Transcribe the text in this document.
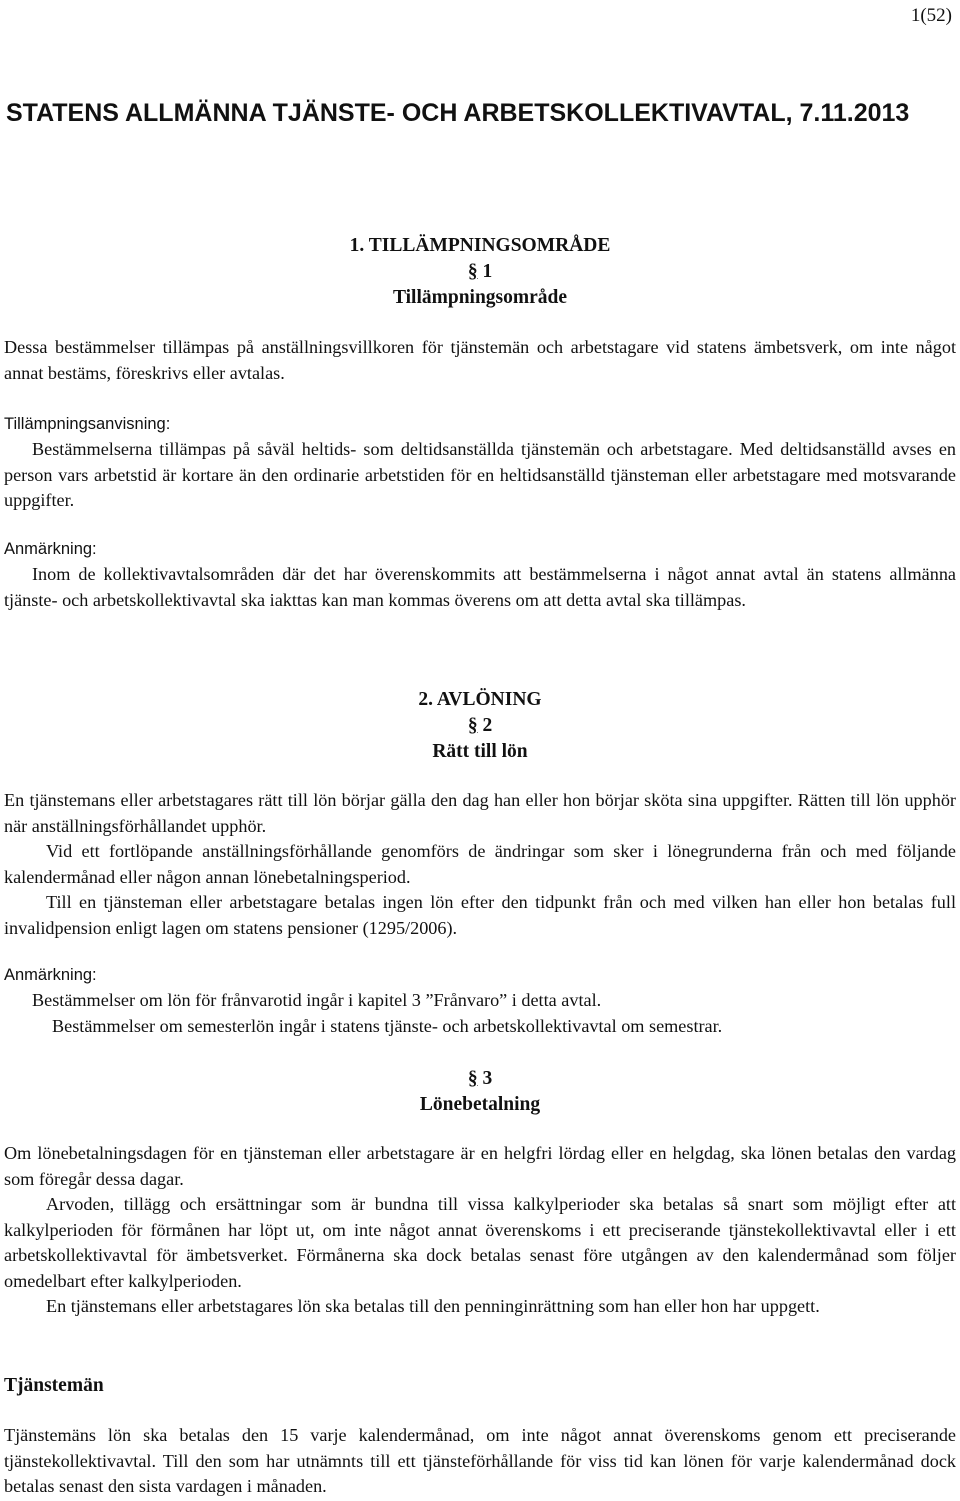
1(52)
STATENS ALLMÄNNA TJÄNSTE- OCH ARBETSKOLLEKTIVAVTAL, 7.11.2013
1. TILLÄMPNINGSOMRÅDE
§ 1
Tillämpningsområde

Dessa bestämmelser tillämpas på anställningsvillkoren för tjänstemän och arbetstagare vid statens ämbetsverk, om inte något annat bestäms, föreskrivs eller avtalas.

Tillämpningsanvisning:

Bestämmelserna tillämpas på såväl heltids- som deltidsanställda tjänstemän och arbetstagare. Med deltidsanställd avses en person vars arbetstid är kortare än den ordinarie arbetstiden för en heltidsanställd tjänsteman eller arbetstagare med motsvarande uppgifter.

Anmärkning:

Inom de kollektivavtalsområden där det har överenskommits att bestämmelserna i något annat avtal än statens allmänna tjänste- och arbetskollektivavtal ska iakttas kan man kommas överens om att detta avtal ska tillämpas.

2. AVLÖNING
§ 2
Rätt till lön

En tjänstemans eller arbetstagares rätt till lön börjar gälla den dag han eller hon börjar sköta sina uppgifter. Rätten till lön upphör när anställningsförhållandet upphör.

Vid ett fortlöpande anställningsförhållande genomförs de ändringar som sker i lönegrunderna från och med följande kalendermånad eller någon annan lönebetalningsperiod.

Till en tjänsteman eller arbetstagare betalas ingen lön efter den tidpunkt från och med vilken han eller hon betalas full invalidpension enligt lagen om statens pensioner (1295/2006).

Anmärkning:

Bestämmelser om lön för frånvarotid ingår i kapitel 3 ”Frånvaro” i detta avtal.

Bestämmelser om semesterlön ingår i statens tjänste- och arbetskollektivavtal om semestrar.

§ 3
Lönebetalning

Om lönebetalningsdagen för en tjänsteman eller arbetstagare är en helgfri lördag eller en helgdag, ska lönen betalas den vardag som föregår dessa dagar.

Arvoden, tillägg och ersättningar som är bundna till vissa kalkylperioder ska betalas så snart som möjligt efter att kalkylperioden för förmånen har löpt ut, om inte något annat överenskoms i ett preciserande tjänstekollektivavtal eller i ett arbetskollektivavtal för ämbetsverket. Förmånerna ska dock betalas senast före utgången av den kalendermånad som följer omedelbart efter kalkylperioden.

En tjänstemans eller arbetstagares lön ska betalas till den penninginrättning som han eller hon har uppgett.

Tjänstemän

Tjänstemäns lön ska betalas den 15 varje kalendermånad, om inte något annat överenskoms genom ett preciserande tjänstekollektivavtal. Till den som har utnämnts till ett tjänsteförhållande för viss tid kan lönen för varje kalendermånad dock betalas senast den sista vardagen i månaden.
